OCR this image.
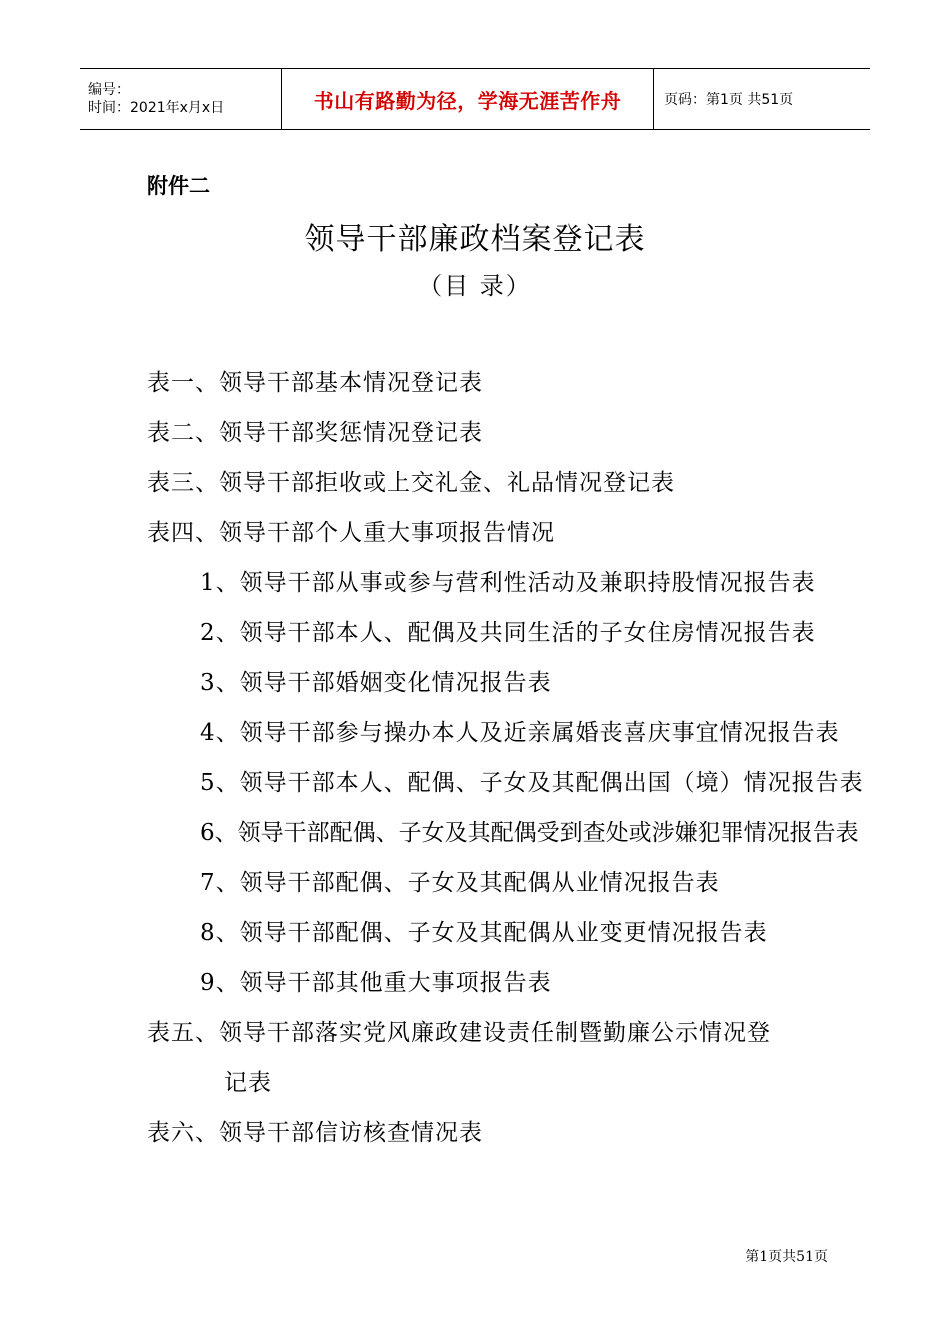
编号：
时间：2021年x月x日	书山有路勤为径，学海无涯苦作舟	页码：第1页 共51页
附件二
领导干部廉政档案登记表
（目 录）
表一、领导干部基本情况登记表
表二、领导干部奖惩情况登记表
表三、领导干部拒收或上交礼金、礼品情况登记表
表四、领导干部个人重大事项报告情况
1、领导干部从事或参与营利性活动及兼职持股情况报告表
2、领导干部本人、配偶及共同生活的子女住房情况报告表
3、领导干部婚姻变化情况报告表
4、领导干部参与操办本人及近亲属婚丧喜庆事宜情况报告表
5、领导干部本人、配偶、子女及其配偶出国（境）情况报告表
6、领导干部配偶、子女及其配偶受到查处或涉嫌犯罪情况报告表
7、领导干部配偶、子女及其配偶从业情况报告表
8、领导干部配偶、子女及其配偶从业变更情况报告表
9、领导干部其他重大事项报告表
表五、领导干部落实党风廉政建设责任制暨勤廉公示情况登
记表
表六、领导干部信访核查情况表
第1页共51页
